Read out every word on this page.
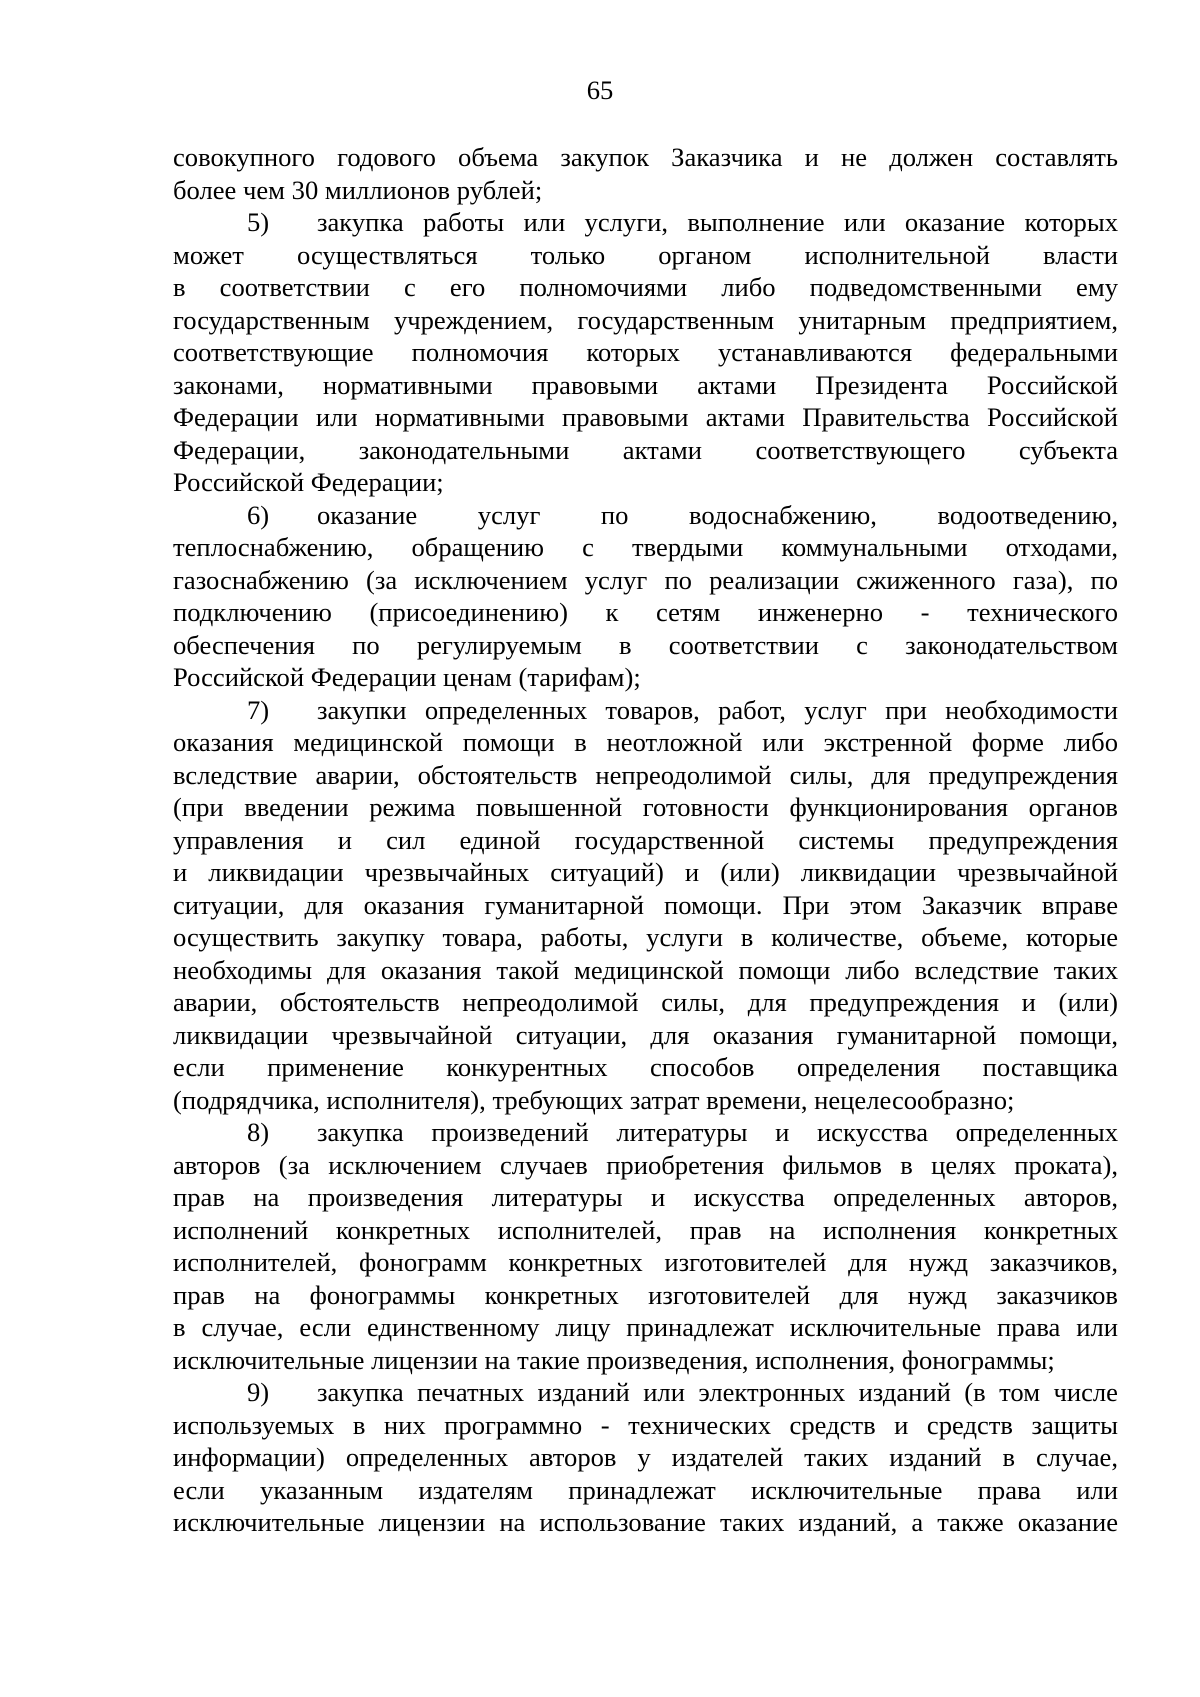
65
совокупного годового объема закупок Заказчика и не должен составлять
более чем 30 миллионов рублей;
5) закупка работы или услуги, выполнение или оказание которых
может осуществляться только органом исполнительной власти
в соответствии с его полномочиями либо подведомственными ему
государственным учреждением, государственным унитарным предприятием,
соответствующие полномочия которых устанавливаются федеральными
законами, нормативными правовыми актами Президента Российской
Федерации или нормативными правовыми актами Правительства Российской
Федерации, законодательными актами соответствующего субъекта
Российской Федерации;
6) оказание услуг по водоснабжению, водоотведению,
теплоснабжению, обращению с твердыми коммунальными отходами,
газоснабжению (за исключением услуг по реализации сжиженного газа), по
подключению (присоединению) к сетям инженерно - технического
обеспечения по регулируемым в соответствии с законодательством
Российской Федерации ценам (тарифам);
7) закупки определенных товаров, работ, услуг при необходимости
оказания медицинской помощи в неотложной или экстренной форме либо
вследствие аварии, обстоятельств непреодолимой силы, для предупреждения
(при введении режима повышенной готовности функционирования органов
управления и сил единой государственной системы предупреждения
и ликвидации чрезвычайных ситуаций) и (или) ликвидации чрезвычайной
ситуации, для оказания гуманитарной помощи. При этом Заказчик вправе
осуществить закупку товара, работы, услуги в количестве, объеме, которые
необходимы для оказания такой медицинской помощи либо вследствие таких
аварии, обстоятельств непреодолимой силы, для предупреждения и (или)
ликвидации чрезвычайной ситуации, для оказания гуманитарной помощи,
если применение конкурентных способов определения поставщика
(подрядчика, исполнителя), требующих затрат времени, нецелесообразно;
8) закупка произведений литературы и искусства определенных
авторов (за исключением случаев приобретения фильмов в целях проката),
прав на произведения литературы и искусства определенных авторов,
исполнений конкретных исполнителей, прав на исполнения конкретных
исполнителей, фонограмм конкретных изготовителей для нужд заказчиков,
прав на фонограммы конкретных изготовителей для нужд заказчиков
в случае, если единственному лицу принадлежат исключительные права или
исключительные лицензии на такие произведения, исполнения, фонограммы;
9) закупка печатных изданий или электронных изданий (в том числе
используемых в них программно - технических средств и средств защиты
информации) определенных авторов у издателей таких изданий в случае,
если указанным издателям принадлежат исключительные права или
исключительные лицензии на использование таких изданий, а также оказание
